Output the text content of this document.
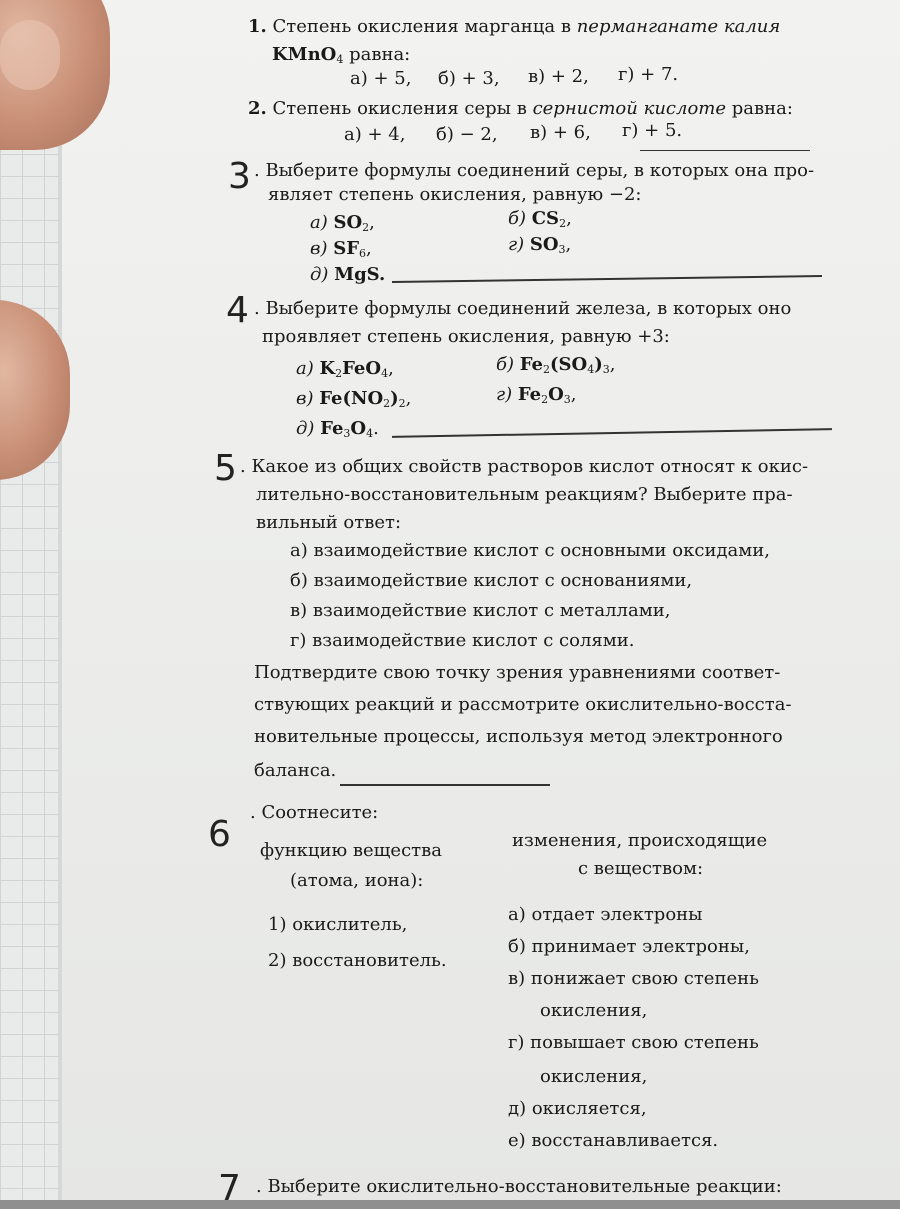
1. Степень окисления марганца в перманганате калия
KMnO$_4$ равна:
а) + 5, б) + 3, в) + 2, г) + 7.
2. Степень окисления серы в сернистой кислоте равна:
а) + 4, б) − 2, в) + 6, г) + 5.
3 . Выберите формулы соединений серы, в которых она про-
являет степень окисления, равную −2:
а) $SO_2$,	б) $CS_2$,
в) $SF_6$,	г) $SO_3$,
д) MgS.
4 . Выберите формулы соединений железа, в которых оно
проявляет степень окисления, равную +3:
а) $K_2FeO_4$,	б) $Fe_2(SO_4)_3$,
в) $Fe(NO_2)_2$,	г) $Fe_2O_3$,
д) $Fe_3O_4$.
5 . Какое из общих свойств растворов кислот относят к окис-
лительно-восстановительным реакциям? Выберите пра-
вильный ответ:
а) взаимодействие кислот с основными оксидами,
б) взаимодействие кислот с основаниями,
в) взаимодействие кислот с металлами,
г) взаимодействие кислот с солями.
Подтвердите свою точку зрения уравнениями соответ-
ствующих реакций и рассмотрите окислительно-восста-
новительные процессы, используя метод электронного
баланса.
6
. Соотнесите:
функцию вещества
(атома, иона):
изменения, происходящие
с веществом:
1) окислитель,
2) восстановитель.
а) отдает электроны
б) принимает электроны,
в) понижает свою степень
окисления,
г) повышает свою степень
окисления,
д) окисляется,
е) восстанавливается.
7 . Выберите окислительно-восстановительные реакции:
